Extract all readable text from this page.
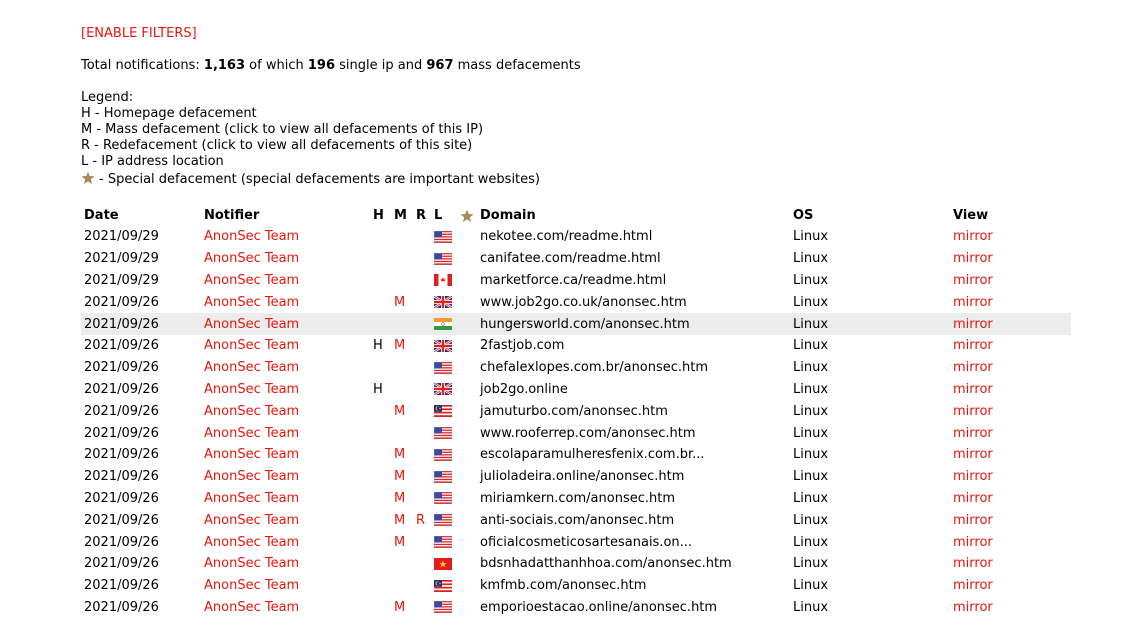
[ENABLE FILTERS]
Total notifications: 1,163 of which 196 single ip and 967 mass defacements
Legend:
H - Homepage defacement
M - Mass defacement (click to view all defacements of this IP)
R - Redefacement (click to view all defacements of this site)
L - IP address location
- Special defacement (special defacements are important websites)
Date	Notifier	H	M	R	L		Domain	OS	View
2021/09/29	AnonSec Team						nekotee.com/readme.html	Linux	mirror
2021/09/29	AnonSec Team						canifatee.com/readme.html	Linux	mirror
2021/09/29	AnonSec Team						marketforce.ca/readme.html	Linux	mirror
2021/09/26	AnonSec Team		M				www.job2go.co.uk/anonsec.htm	Linux	mirror
2021/09/26	AnonSec Team						hungersworld.com/anonsec.htm	Linux	mirror
2021/09/26	AnonSec Team	H	M				2fastjob.com	Linux	mirror
2021/09/26	AnonSec Team						chefalexlopes.com.br/anonsec.htm	Linux	mirror
2021/09/26	AnonSec Team	H					job2go.online	Linux	mirror
2021/09/26	AnonSec Team		M				jamuturbo.com/anonsec.htm	Linux	mirror
2021/09/26	AnonSec Team						www.rooferrep.com/anonsec.htm	Linux	mirror
2021/09/26	AnonSec Team		M				escolaparamulheresfenix.com.br...	Linux	mirror
2021/09/26	AnonSec Team		M				julioladeira.online/anonsec.htm	Linux	mirror
2021/09/26	AnonSec Team		M				miriamkern.com/anonsec.htm	Linux	mirror
2021/09/26	AnonSec Team		M	R			anti-sociais.com/anonsec.htm	Linux	mirror
2021/09/26	AnonSec Team		M				oficialcosmeticosartesanais.on...	Linux	mirror
2021/09/26	AnonSec Team						bdsnhadatthanhhoa.com/anonsec.htm	Linux	mirror
2021/09/26	AnonSec Team						kmfmb.com/anonsec.htm	Linux	mirror
2021/09/26	AnonSec Team		M				emporioestacao.online/anonsec.htm	Linux	mirror
